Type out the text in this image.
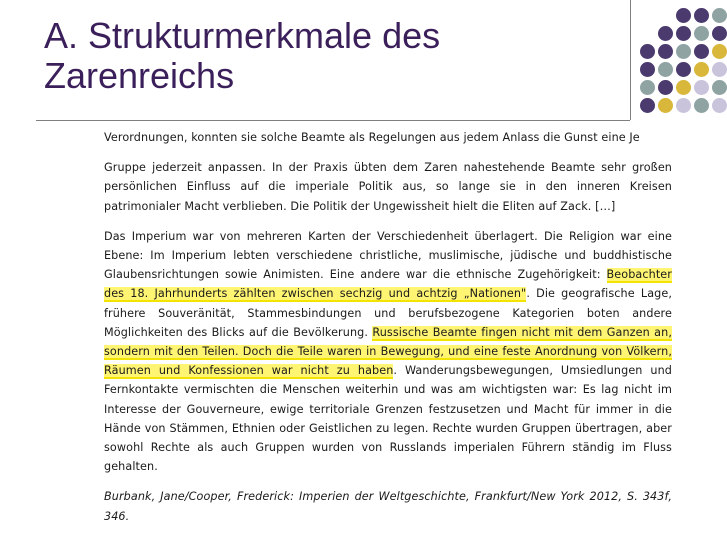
A. Strukturmerkmale des
Zarenreichs

Verordnungen, konnten sie solche Beamte als Regelungen aus jedem Anlass die Gunst eine Je

Gruppe jederzeit anpassen. In der Praxis übten dem Zaren nahestehende Beamte sehr großen persönlichen Einfluss auf die imperiale Politik aus, so lange sie in den inneren Kreisen patrimonialer Macht verblieben. Die Politik der Ungewissheit hielt die Eliten auf Zack. […]

Das Imperium war von mehreren Karten der Verschiedenheit überlagert. Die Religion war eine Ebene: Im Imperium lebten verschiedene christliche, muslimische, jüdische und buddhistische Glaubensrichtungen sowie Animisten. Eine andere war die ethnische Zugehörigkeit: Beobachter des 18. Jahrhunderts zählten zwischen sechzig und achtzig „Nationen". Die geografische Lage, frühere Souveränität, Stammesbindungen und berufsbezogene Kategorien boten andere Möglichkeiten des Blicks auf die Bevölkerung. Russische Beamte fingen nicht mit dem Ganzen an, sondern mit den Teilen. Doch die Teile waren in Bewegung, und eine feste Anordnung von Völkern, Räumen und Konfessionen war nicht zu haben. Wanderungsbewegungen, Umsiedlungen und Fernkontakte vermischten die Menschen weiterhin und was am wichtigsten war: Es lag nicht im Interesse der Gouverneure, ewige territoriale Grenzen festzusetzen und Macht für immer in die Hände von Stämmen, Ethnien oder Geistlichen zu legen. Rechte wurden Gruppen übertragen, aber sowohl Rechte als auch Gruppen wurden von Russlands imperialen Führern ständig im Fluss gehalten.

Burbank, Jane/Cooper, Frederick: Imperien der Weltgeschichte, Frankfurt/New York 2012, S. 343f, 346.
